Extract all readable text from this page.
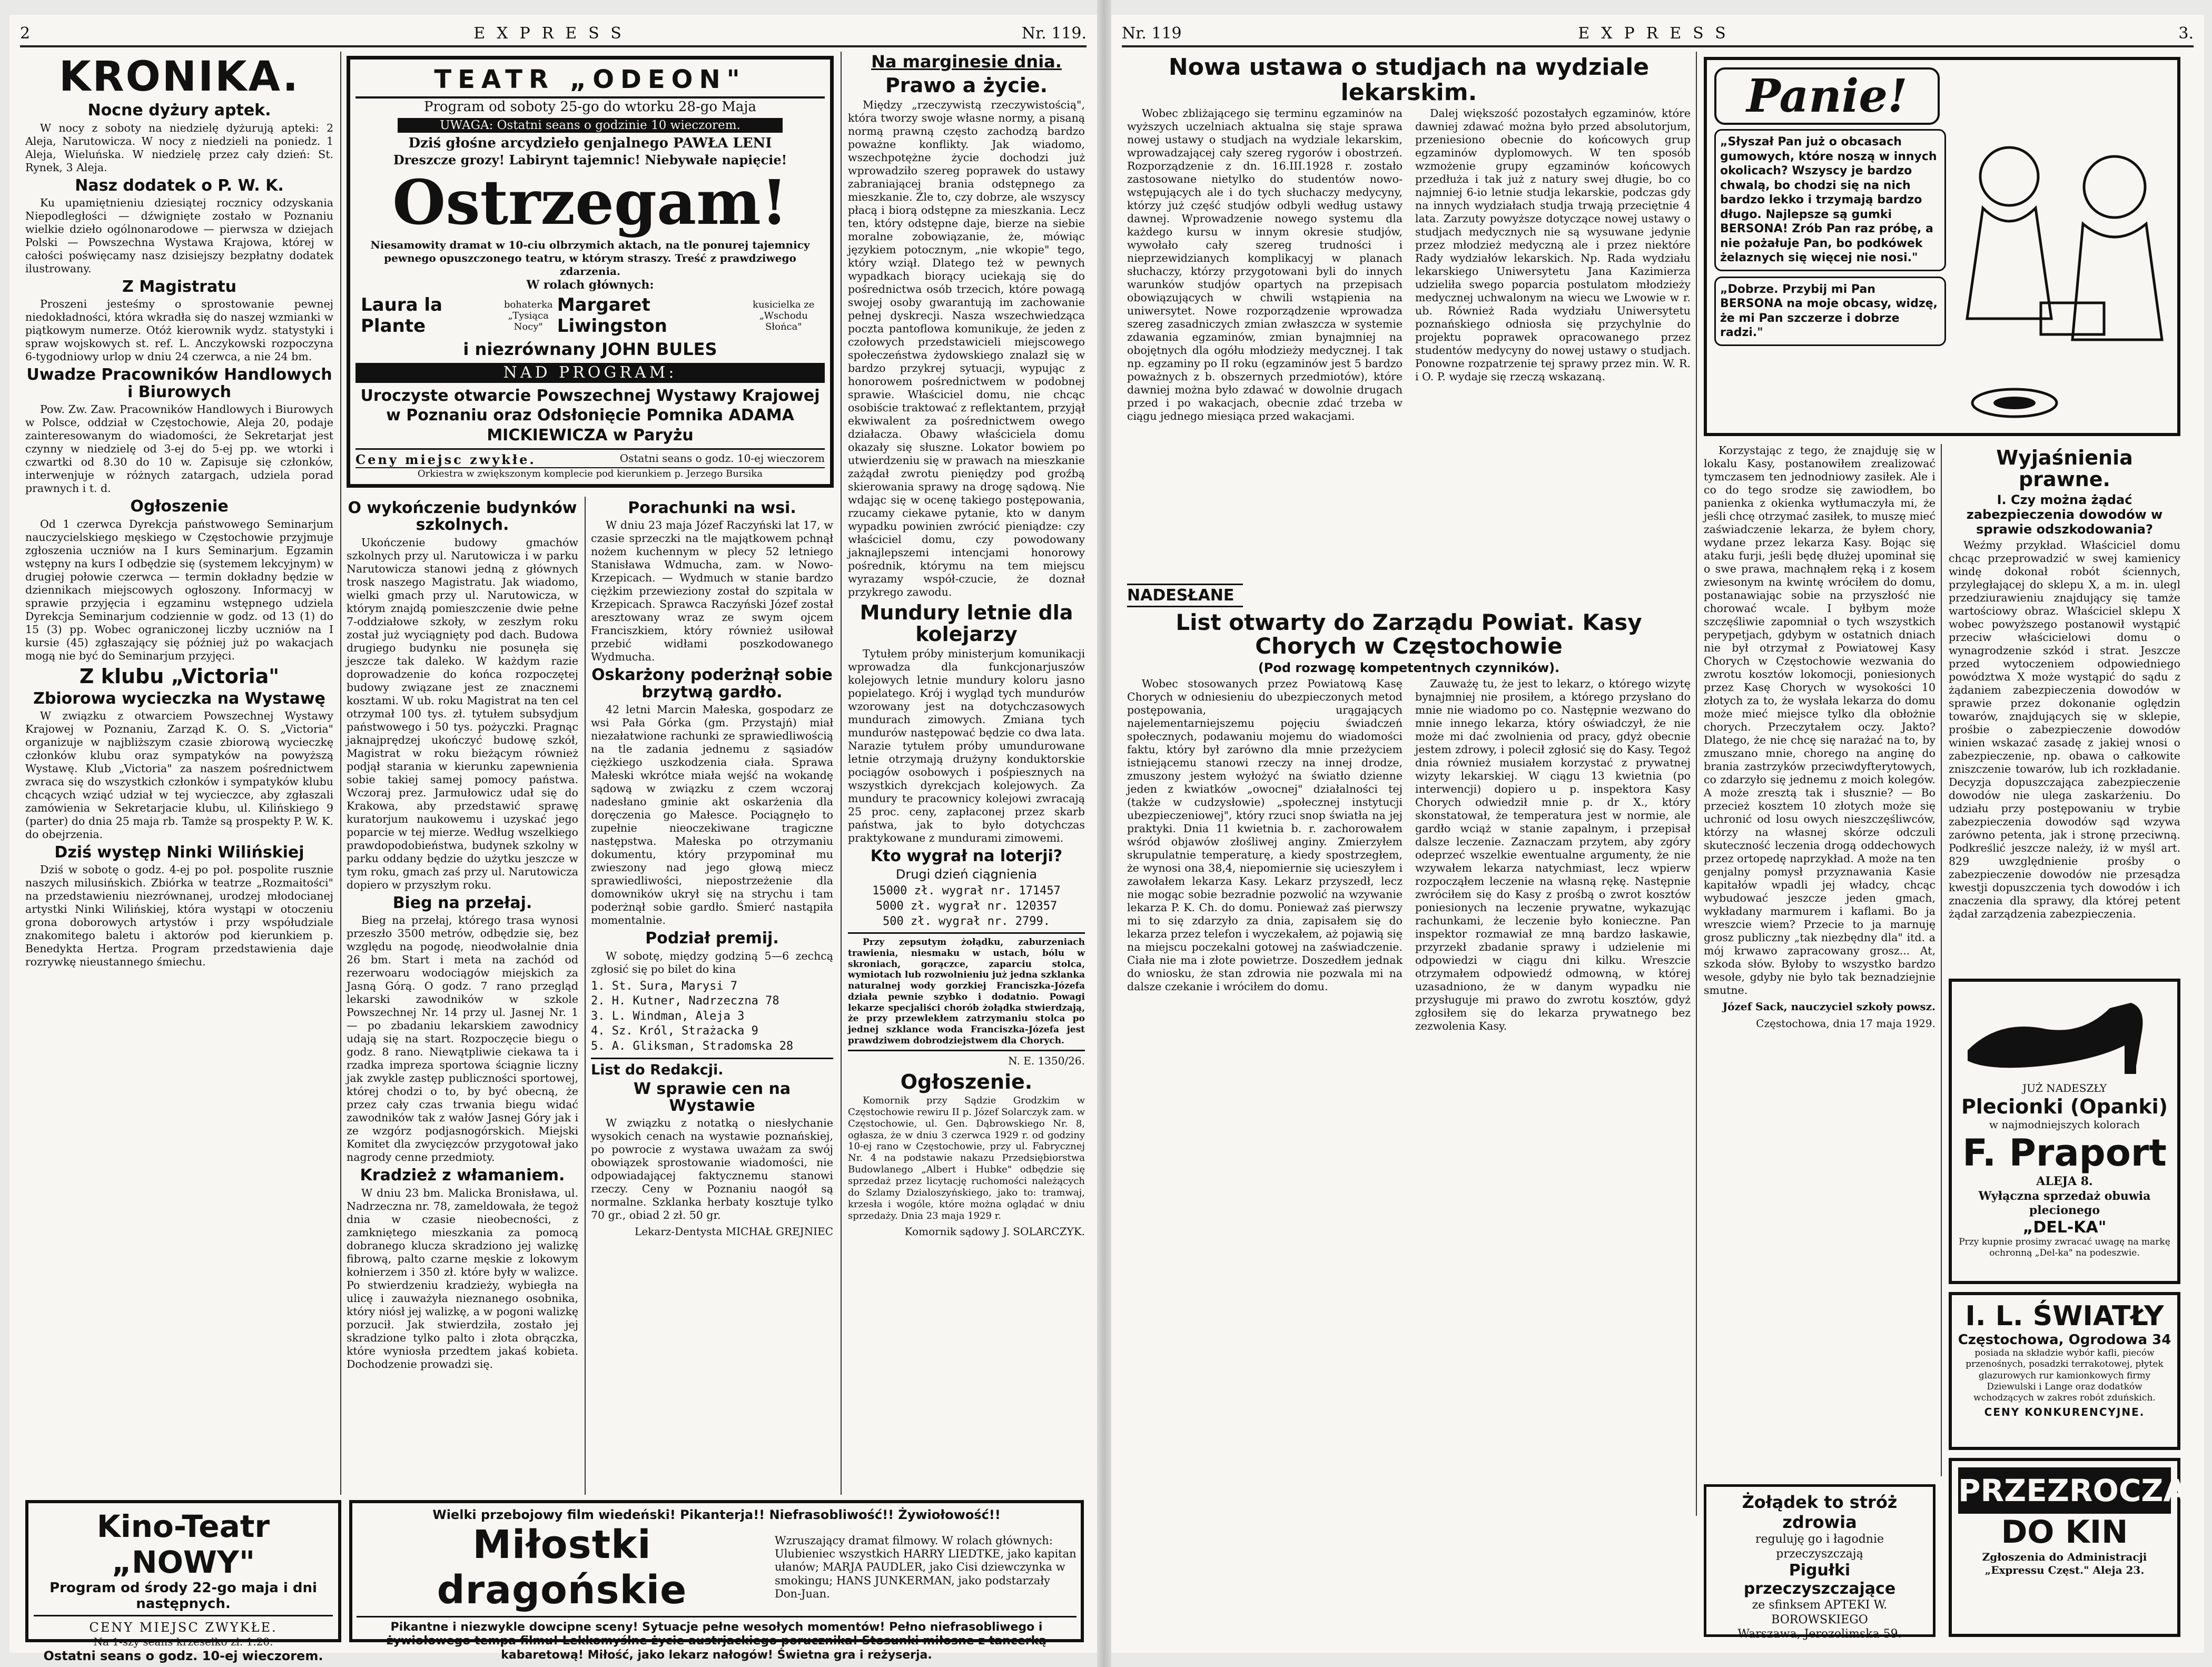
2	EXPRESS	Nr. 119.
KRONIKA.
Nocne dyżury aptek.

W nocy z soboty na niedzielę dyżurują apteki: 2 Aleja, Narutowicza. W nocy z niedzieli na poniedz. 1 Aleja, Wieluńska. W niedzielę przez cały dzień: St. Rynek, 3 Aleja.

Nasz dodatek o P. W. K.

Ku upamiętnieniu dziesiątej rocznicy odzyskania Niepodległości — dźwignięte zostało w Poznaniu wielkie dzieło ogólnonarodowe — pierwsza w dziejach Polski — Powszechna Wystawa Krajowa, której w całości poświęcamy nasz dzisiejszy bezpłatny dodatek ilustrowany.

Z Magistratu

Proszeni jesteśmy o sprostowanie pewnej niedokładności, która wkradła się do naszej wzmianki w piątkowym numerze. Otóż kierownik wydz. statystyki i spraw wojskowych st. ref. L. Anczykowski rozpoczyna 6-tygodniowy urlop w dniu 24 czerwca, a nie 24 bm.

Uwadze Pracowników Handlowych i Biurowych

Pow. Zw. Zaw. Pracowników Handlowych i Biurowych w Polsce, oddział w Częstochowie, Aleja 20, podaje zainteresowanym do wiadomości, że Sekretarjat jest czynny w niedzielę od 3-ej do 5-ej pp. we wtorki i czwartki od 8.30 do 10 w. Zapisuje się członków, interwenjuje w różnych zatargach, udziela porad prawnych i t. d.

Ogłoszenie

Od 1 czerwca Dyrekcja państwowego Seminarjum nauczycielskiego męskiego w Częstochowie przyjmuje zgłoszenia uczniów na I kurs Seminarjum. Egzamin wstępny na kurs I odbędzie się (systemem lekcyjnym) w drugiej połowie czerwca — termin dokładny będzie w dziennikach miejscowych ogłoszony. Informacyj w sprawie przyjęcia i egzaminu wstępnego udziela Dyrekcja Seminarjum codziennie w godz. od 13 (1) do 15 (3) pp. Wobec ograniczonej liczby uczniów na I kursie (45) zgłaszający się później już po wakacjach mogą nie być do Seminarjum przyjęci.

Z klubu „Victoria"
Zbiorowa wycieczka na Wystawę

W związku z otwarciem Powszechnej Wystawy Krajowej w Poznaniu, Zarząd K. O. S. „Victoria" organizuje w najbliższym czasie zbiorową wycieczkę członków klubu oraz sympatyków na powyższą Wystawę. Klub „Victoria" za naszem pośrednictwem zwraca się do wszystkich członków i sympatyków klubu chcących wziąć udział w tej wycieczce, aby zgłaszali zamówienia w Sekretarjacie klubu, ul. Kilińskiego 9 (parter) do dnia 25 maja rb. Tamże są prospekty P. W. K. do obejrzenia.

Dziś występ Ninki Wilińskiej

Dziś w sobotę o godz. 4-ej po poł. pospolite rusznie naszych milusińskich. Zbiórka w teatrze „Rozmaitości" na przedstawieniu niezrównanej, urodzej młodocianej artystki Ninki Wilińskiej, która wystąpi w otoczeniu grona doborowych artystów i przy współudziale znakomitego baletu i aktorów pod kierunkiem p. Benedykta Hertza. Program przedstawienia daje rozrywkę nieustannego śmiechu.

TEATR „ODEON"
Program od soboty 25-go do wtorku 28-go Maja
UWAGA: Ostatni seans o godzinie 10 wieczorem.
Dziś głośne arcydzieło genjalnego PAWŁA LENI
Dreszcze grozy! Labirynt tajemnic! Niebywałe napięcie!
Ostrzegam!
Niesamowity dramat w 10-ciu olbrzymich aktach, na tle ponurej tajemnicy pewnego opuszczonego teatru, w którym straszy. Treść z prawdziwego zdarzenia.
W rolach głównych:
Laura la Plante
bohaterka „Tysiąca Nocy"
Margaret Liwingston
kusicielka ze „Wschodu Słońca"
i niezrównany JOHN BULES
NAD PROGRAM:
Uroczyste otwarcie Powszechnej Wystawy Krajowej w Poznaniu oraz Odsłonięcie Pomnika ADAMA MICKIEWICZA w Paryżu
Ceny miejsc zwykłe.	Ostatni seans o godz. 10-ej wieczorem
Orkiestra w zwiększonym komplecie pod kierunkiem p. Jerzego Bursika
O wykończenie budynków szkolnych.

Ukończenie budowy gmachów szkolnych przy ul. Narutowicza i w parku Narutowicza stanowi jedną z głównych trosk naszego Magistratu. Jak wiadomo, wielki gmach przy ul. Narutowicza, w którym znajdą pomieszczenie dwie pełne 7-oddziałowe szkoły, w zeszłym roku został już wyciągnięty pod dach. Budowa drugiego budynku nie posunęła się jeszcze tak daleko. W każdym razie doprowadzenie do końca rozpoczętej budowy związane jest ze znacznemi kosztami. W ub. roku Magistrat na ten cel otrzymał 100 tys. zł. tytułem subsydjum państwowego i 50 tys. pożyczki. Pragnąc jaknajprędzej ukończyć budowę szkół, Magistrat w roku bieżącym również podjął starania w kierunku zapewnienia sobie takiej samej pomocy państwa. Wczoraj prez. Jarmułowicz udał się do Krakowa, aby przedstawić sprawę kuratorjum naukowemu i uzyskać jego poparcie w tej mierze. Według wszelkiego prawdopodobieństwa, budynek szkolny w parku oddany będzie do użytku jeszcze w tym roku, gmach zaś przy ul. Narutowicza dopiero w przyszłym roku.

Bieg na przełaj.

Bieg na przełaj, którego trasa wynosi przeszło 3500 metrów, odbędzie się, bez względu na pogodę, nieodwołalnie dnia 26 bm. Start i meta na zachód od rezerwoaru wodociągów miejskich za Jasną Górą. O godz. 7 rano przegląd lekarski zawodników w szkole Powszechnej Nr. 14 przy ul. Jasnej Nr. 1 — po zbadaniu lekarskiem zawodnicy udają się na start. Rozpoczęcie biegu o godz. 8 rano. Niewątpliwie ciekawa ta i rzadka impreza sportowa ściągnie liczny jak zwykle zastęp publiczności sportowej, której chodzi o to, by być obecną, że przez cały czas trwania biegu widać zawodników tak z wałów Jasnej Góry jak i ze wzgórz podjasnogórskich. Miejski Komitet dla zwycięzców przygotował jako nagrody cenne przedmioty.

Kradzież z włamaniem.

W dniu 23 bm. Malicka Bronisława, ul. Nadrzeczna nr. 78, zameldowała, że tegoż dnia w czasie nieobecności, z zamkniętego mieszkania za pomocą dobranego klucza skradziono jej walizkę fibrową, palto czarne męskie z lokowym kołnierzem i 350 zł. które były w walizce. Po stwierdzeniu kradzieży, wybiegła na ulicę i zauważyła nieznanego osobnika, który niósł jej walizkę, a w pogoni walizkę porzucił. Jak stwierdziła, zostało jej skradzione tylko palto i złota obrączka, które wyniosła przedtem jakaś kobieta. Dochodzenie prowadzi się.

Porachunki na wsi.

W dniu 23 maja Józef Raczyński lat 17, w czasie sprzeczki na tle majątkowem pchnął nożem kuchennym w plecy 52 letniego Stanisława Wdmucha, zam. w Nowo-Krzepicach. — Wydmuch w stanie bardzo ciężkim przewieziony został do szpitala w Krzepicach. Sprawca Raczyński Józef został aresztowany wraz ze swym ojcem Franciszkiem, który również usiłował przebić widłami poszkodowanego Wydmucha.

Oskarżony poderżnął sobie brzytwą gardło.

42 letni Marcin Małeska, gospodarz ze wsi Pała Górka (gm. Przystajń) miał niezałatwione rachunki ze sprawiedliwością na tle zadania jednemu z sąsiadów ciężkiego uszkodzenia ciała. Sprawa Małeski wkrótce miała wejść na wokandę sądową w związku z czem wczoraj nadesłano gminie akt oskarżenia dla doręczenia go Małesce. Pociągnęło to zupełnie nieoczekiwane tragiczne następstwa. Małeska po otrzymaniu dokumentu, który przypominał mu zwieszony nad jego głową miecz sprawiedliwości, niepostrzeżenie dla domowników ukrył się na strychu i tam poderżnął sobie gardło. Śmierć nastąpiła momentalnie.

Podział premij.

W sobotę, między godziną 5—6 zechcą zgłosić się po bilet do kina

1. St. Sura, Marysi 7
2. H. Kutner, Nadrzeczna 78
3. L. Windman, Aleja 3
4. Sz. Król, Strażacka 9
5. A. Gliksman, Stradomska 28
List do Redakcji.
W sprawie cen na Wystawie

W związku z notatką o niesłychanie wysokich cenach na wystawie poznańskiej, po powrocie z wystawa uważam za swój obowiązek sprostowanie wiadomości, nie odpowiadającej faktycznemu stanowi rzeczy. Ceny w Poznaniu naogół są normalne. Szklanka herbaty kosztuje tylko 70 gr., obiad 2 zł. 50 gr.

Lekarz-Dentysta MICHAŁ GREJNIEC
Na marginesie dnia.
Prawo a życie.

Między „rzeczywistą rzeczywistością", która tworzy swoje własne normy, a pisaną normą prawną często zachodzą bardzo poważne konflikty. Jak wiadomo, wszechpotężne życie dochodzi już wprowadziło szereg poprawek do ustawy zabraniającej brania odstępnego za mieszkanie. Źle to, czy dobrze, ale wszyscy płacą i biorą odstępne za mieszkania. Lecz ten, który odstępne daje, bierze na siebie moralne zobowiązanie, że, mówiąc językiem potocznym, „nie wkopie" tego, który wziął. Dlatego też w pewnych wypadkach biorący uciekają się do pośrednictwa osób trzecich, które powagą swojej osoby gwarantują im zachowanie pełnej dyskrecji. Nasza wszechwiedząca poczta pantoflowa komunikuje, że jeden z czołowych przedstawicieli miejscowego społeczeństwa żydowskiego znalazł się w bardzo przykrej sytuacji, wypując z honorowem pośrednictwem w podobnej sprawie. Właściciel domu, nie chcąc osobiście traktować z reflektantem, przyjął ekwiwalent za pośrednictwem owego działacza. Obawy właściciela domu okazały się słuszne. Lokator bowiem po utwierdzeniu się w prawach na mieszkanie zażądał zwrotu pieniędzy pod groźbą skierowania sprawy na drogę sądową. Nie wdając się w ocenę takiego postępowania, rzucamy ciekawe pytanie, kto w danym wypadku powinien zwrócić pieniądze: czy właściciel domu, czy powodowany jaknajlepszemi intencjami honorowy pośrednik, którymu na tem miejscu wyrazamy współ-czucie, że doznał przykrego zawodu.

Mundury letnie dla kolejarzy

Tytułem próby ministerjum komunikacji wprowadza dla funkcjonarjuszów kolejowych letnie mundury koloru jasno popielatego. Krój i wygląd tych mundurów wzorowany jest na dotychczasowych mundurach zimowych. Zmiana tych mundurów następować będzie co dwa lata. Narazie tytułem próby umundurowane letnie otrzymają drużyny konduktorskie pociągów osobowych i pośpiesznych na wszystkich dyrekcjach kolejowych. Za mundury te pracownicy kolejowi zwracają 25 proc. ceny, zapłaconej przez skarb państwa, jak to było dotychczas praktykowane z mundurami zimowemi.

Kto wygrał na loterji?
Drugi dzień ciągnienia
15000 zł. wygrał nr. 171457
5000 zł. wygrał nr. 120357
500 zł. wygrał nr. 2799.

Przy zepsutym żołądku, zaburzeniach trawienia, niesmaku w ustach, bólu w skroniach, gorączce, zaparciu stolca, wymiotach lub rozwolnieniu już jedna szklanka naturalnej wody gorzkiej Franciszka-Józefa działa pewnie szybko i dodatnio. Powagi lekarze specjaliści chorób żołądka stwierdzają, że przy przewlekłem zatrzymaniu stolca po jednej szklance woda Franciszka-Józefa jest prawdziwem dobrodziejstwem dla Chorych.

N. E. 1350/26.
Ogłoszenie.

Komornik przy Sądzie Grodzkim w Częstochowie rewiru II p. Józef Solarczyk zam. w Częstochowie, ul. Gen. Dąbrowskiego Nr. 8, ogłasza, że w dniu 3 czerwca 1929 r. od godziny 10-ej rano w Częstochowie, przy ul. Fabrycznej Nr. 4 na podstawie nakazu Przedsiębiorstwa Budowlanego „Albert i Hubke" odbędzie się sprzedaż przez licytację ruchomości należących do Szlamy Dzialoszyńskiego, jako to: tramwaj, krzesła i wogóle, które można oglądać w dniu sprzedaży. Dnia 23 maja 1929 r.

Komornik sądowy J. SOLARCZYK.
Kino-Teatr „NOWY"
Program od środy 22-go maja i dni następnych.
CENY MIEJSC ZWYKŁE.
Na 1-szy seans krzesełko zł. 1.20.
Ostatni seans o godz. 10-ej wieczorem.
Wielki przebojowy film wiedeński! Pikanterja!! Niefrasobliwość!! Żywiołowość!!
Miłostki dragońskie
Wzruszający dramat filmowy. W rolach głównych: Ulubieniec wszystkich HARRY LIEDTKE, jako kapitan ułanów; MARJA PAUDLER, jako Cisi dziewczynka w smokingu; HANS JUNKERMAN, jako podstarzały Don-Juan.
Pikantne i niezwykle dowcipne sceny! Sytuacje pełne wesołych momentów! Pełno niefrasobliwego i żywiołowego tempa filmu! Lekkomyślne życie austrjackiego porucznika! Stosunki miłosne z tancerką kabaretową! Miłość, jako lekarz nałogów! Świetna gra i reżyserja.
Nr. 119	EXPRESS	3.
Nowa ustawa o studjach na wydziale lekarskim.

Wobec zbliżającego się terminu egzaminów na wyższych uczelniach aktualna się staje sprawa nowej ustawy o studjach na wydziale lekarskim, wprowadzającej cały szereg rygorów i obostrzeń. Rozporządzenie z dn. 16.III.1928 r. zostało zastosowane nietylko do studentów nowo-wstępujących ale i do tych słuchaczy medycyny, którzy już część studjów odbyli według ustawy dawnej. Wprowadzenie nowego systemu dla każdego kursu w innym okresie studjów, wywołało cały szereg trudności i nieprzewidzianych komplikacyj w planach słuchaczy, którzy przygotowani byli do innych warunków studjów opartych na przepisach obowiązujących w chwili wstąpienia na uniwersytet. Nowe rozporządzenie wprowadza szereg zasadniczych zmian zwłaszcza w systemie zdawania egzaminów, zmian bynajmniej na obojętnych dla ogółu młodzieży medycznej. I tak np. egzaminy po II roku (egzaminów jest 5 bardzo poważnych z b. obszernych przedmiotów), które dawniej można było zdawać w dowolnie drugach przed i po wakacjach, obecnie zdać trzeba w ciągu jednego miesiąca przed wakacjami.

Dalej większość pozostałych egzaminów, które dawniej zdawać można było przed absolutorjum, przeniesiono obecnie do końcowych grup egzaminów dyplomowych. W ten sposób wzmożenie grupy egzaminów końcowych przedłuża i tak już z natury swej długie, bo co najmniej 6-io letnie studja lekarskie, podczas gdy na innych wydziałach studja trwają przeciętnie 4 lata. Zarzuty powyższe dotyczące nowej ustawy o studjach medycznych nie są wysuwane jedynie przez młodzież medyczną ale i przez niektóre Rady wydziałów lekarskich. Np. Rada wydziału lekarskiego Uniwersytetu Jana Kazimierza udzieliła swego poparcia postulatom młodzieży medycznej uchwalonym na wiecu we Lwowie w r. ub. Również Rada wydziału Uniwersytetu poznańskiego odniosła się przychylnie do projektu poprawek opracowanego przez studentów medycyny do nowej ustawy o studjach. Ponowne rozpatrzenie tej sprawy przez min. W. R. i O. P. wydaje się rzeczą wskazaną.

Panie!
„Słyszał Pan już o obcasach gumowych, które noszą w innych okolicach? Wszyscy je bardzo chwalą, bo chodzi się na nich bardzo lekko i trzymają bardzo długo. Najlepsze są gumki BERSONA! Zrób Pan raz próbę, a nie pożałuje Pan, bo podkówek żelaznych się więcej nie nosi."
„Dobrze. Przybij mi Pan BERSONA na moje obcasy, widzę, że mi Pan szczerze i dobrze radzi."
NADESŁANE
List otwarty do Zarządu Powiat. Kasy Chorych w Częstochowie
(Pod rozwagę kompetentnych czynników).

Wobec stosowanych przez Powiatową Kasę Chorych w odniesieniu do ubezpieczonych metod postępowania, urągających najelementarniejszemu pojęciu świadczeń społecznych, podawaniu mojemu do wiadomości faktu, który był zarówno dla mnie przeżyciem istniejącemu stanowi rzeczy na innej drodze, zmuszony jestem wyłożyć na światło dzienne jeden z kwiatków „owocnej" działalności tej (także w cudzysłowie) „społecznej instytucji ubezpieczeniowej", który rzuci snop światła na jej praktyki. Dnia 11 kwietnia b. r. zachorowałem wśród objawów złośliwej anginy. Zmierzyłem skrupulatnie temperaturę, a kiedy spostrzegłem, że wynosi ona 38,4, niepomiernie się ucieszyłem i zawołałem lekarza Kasy. Lekarz przyszedł, lecz nie mogąc sobie bezradnie pozwolić na wzywanie lekarza P. K. Ch. do domu. Ponieważ zaś pierwszy mi to się zdarzyło za dnia, zapisałem się do lekarza przez telefon i wyczekałem, aż pojawią się na miejscu poczekalni gotowej na zaświadczenie. Ciała nie ma i złote powietrze. Doszedłem jednak do wniosku, że stan zdrowia nie pozwala mi na dalsze czekanie i wróciłem do domu.

Zauważę tu, że jest to lekarz, o którego wizytę bynajmniej nie prosiłem, a którego przysłano do mnie nie wiadomo po co. Następnie wezwano do mnie innego lekarza, który oświadczył, że nie może mi dać zwolnienia od pracy, gdyż obecnie jestem zdrowy, i polecił zgłosić się do Kasy. Tegoż dnia również musiałem korzystać z prywatnej wizyty lekarskiej. W ciągu 13 kwietnia (po interwencji) dopiero u p. inspektora Kasy Chorych odwiedził mnie p. dr X., który skonstatował, że temperatura jest w normie, ale gardło wciąż w stanie zapalnym, i przepisał dalsze leczenie. Zaznaczam przytem, aby zgóry odeprzeć wszelkie ewentualne argumenty, że nie wzywałem lekarza natychmiast, lecz wpierw rozpocząłem leczenie na własną rękę. Następnie zwróciłem się do Kasy z prośbą o zwrot kosztów poniesionych na leczenie prywatne, wykazując rachunkami, że leczenie było konieczne. Pan inspektor rozmawiał ze mną bardzo łaskawie, przyrzekł zbadanie sprawy i udzielenie mi odpowiedzi w ciągu dni kilku. Wreszcie otrzymałem odpowiedź odmowną, w której uzasadniono, że w danym wypadku nie przysługuje mi prawo do zwrotu kosztów, gdyż zgłosiłem się do lekarza prywatnego bez zezwolenia Kasy.

Korzystając z tego, że znajduję się w lokalu Kasy, postanowiłem zrealizować tymczasem ten jednodniowy zasiłek. Ale i co do tego srodze się zawiodłem, bo panienka z okienka wytłumaczyła mi, że jeśli chcę otrzymać zasiłek, to muszę mieć zaświadczenie lekarza, że byłem chory, wydane przez lekarza Kasy. Bojąc się ataku furji, jeśli będę dłużej upominał się o swe prawa, machnąłem ręką i z kosem zwiesonym na kwintę wróciłem do domu, postanawiając sobie na przyszłość nie chorować wcale. I byłbym może szczęśliwie zapomniał o tych wszystkich perypetjach, gdybym w ostatnich dniach nie był otrzymał z Powiatowej Kasy Chorych w Częstochowie wezwania do zwrotu kosztów lokomocji, poniesionych przez Kasę Chorych w wysokości 10 złotych za to, że wysłała lekarza do domu może mieć miejsce tylko dla obłożnie chorych. Przeczytałem oczy. Jakto? Dlatego, że nie chcę się narażać na to, by zmuszano mnie, chorego na anginę do brania zastrzyków przeciwdyfterytowych, co zdarzyło się jednemu z moich kolegów. A może zresztą tak i słusznie? — Bo przecież kosztem 10 złotych może się uchronić od losu owych nieszczęśliwców, którzy na własnej skórze odczuli skuteczność leczenia drogą oddechowych przez ortopedę naprzykład. A może na ten genjalny pomysł przyznawania Kasie kapitałów wpadli jej władcy, chcąc wybudować jeszcze jeden gmach, wykładany marmurem i kaflami. Bo ja wreszcie wiem? Przecie to ja marnuję grosz publiczny „tak niezbędny dla" itd. a mój krwawo zapracowany grosz... At, szkoda słów. Byłoby to wszystko bardzo wesołe, gdyby nie było tak beznadziejnie smutne.

Józef Sack, nauczyciel szkoły powsz.
Częstochowa, dnia 17 maja 1929.
Wyjaśnienia prawne.
I. Czy można żądać zabezpieczenia dowodów w sprawie odszkodowania?

Weźmy przykład. Właściciel domu chcąc przeprowadzić w swej kamienicy windę dokonał robót ściennych, przyległającej do sklepu X, a m. in. ulegl przedziurawieniu znajdujący się tamże wartościowy obraz. Właściciel sklepu X wobec powyższego postanowił wystąpić przeciw właścicielowi domu o wynagrodzenie szkód i strat. Jeszcze przed wytoczeniem odpowiedniego powództwa X może wystąpić do sądu z żądaniem zabezpieczenia dowodów w sprawie przez dokonanie oględzin towarów, znajdujących się w sklepie, prośbie o zabezpieczenie dowodów winien wskazać zasadę z jakiej wnosi o zabezpieczenie, np. obawa o całkowite zniszczenie towarów, lub ich rozkładanie. Decyzja dopuszczająca zabezpieczenie dowodów nie ulega zaskarżeniu. Do udziału przy postępowaniu w trybie zabezpieczenia dowodów sąd wzywa zarówno petenta, jak i stronę przeciwną. Podkreślić jeszcze należy, iż w myśl art. 829 uwzględnienie prośby o zabezpieczenie dowodów nie przesądza kwestji dopuszczenia tych dowodów i ich znaczenia dla sprawy, dla której petent żądał zarządzenia zabezpieczenia.

JUŻ NADESZŁY
Plecionki (Opanki)
w najmodniejszych kolorach
F. Praport
ALEJA 8.
Wyłączna sprzedaż obuwia plecionego
„DEL-KA"
Przy kupnie prosimy zwracać uwagę na markę ochronną „Del-ka" na podeszwie.
I. L. ŚWIATŁY
Częstochowa, Ogrodowa 34
posiada na składzie wybór kafli, pieców przenośnych, posadzki terrakotowej, płytek glazurowych rur kamionkowych firmy Dziewulski i Lange oraz dodatków wchodzących w zakres robót zduńskich.
CENY KONKURENCYJNE.
Żołądek to stróż zdrowia
reguluję go i łagodnie przeczyszczają
Pigułki przeczyszczające
ze sfinksem APTEKI W. BOROWSKIEGO
Warszawa, Jerozolimska 59.
PRZEZROCZA
DO KIN
Zgłoszenia do Administracji „Expressu Częst." Aleja 23.
